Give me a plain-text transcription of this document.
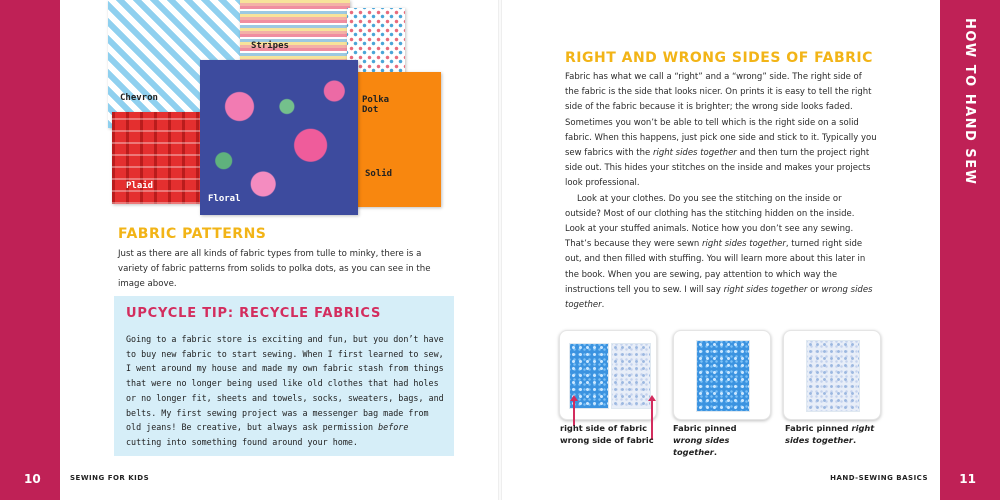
10	SEWING FOR KIDS
Chevron
Stripes
Polka Dot
Plaid
Floral
Solid
FABRIC PATTERNS
Just as there are all kinds of fabric types from tulle to minky, there is a variety of fabric patterns from solids to polka dots, as you can see in the image above.
UPCYCLE TIP: RECYCLE FABRICS
Going to a fabric store is exciting and fun, but you don’t have to buy new fabric to start sewing. When I first learned to sew, I went around my house and made my own fabric stash from things that were no longer being used like old clothes that had holes or no longer fit, sheets and towels, socks, sweaters, bags, and belts. My first sewing project was a messenger bag made from old jeans! Be creative, but always ask permission before cutting into something found around your home.
HOW TO HAND SEW
11
HAND-SEWING BASICS
RIGHT AND WRONG SIDES OF FABRIC

Fabric has what we call a “right” and a “wrong” side. The right side of the fabric is the side that looks nicer. On prints it is easy to tell the right side of the fabric because it is brighter; the wrong side looks faded. Sometimes you won’t be able to tell which is the right side on a solid fabric. When this happens, just pick one side and stick to it. Typically you sew fabrics with the right sides together and then turn the project right side out. This hides your stitches on the inside and makes your projects look professional.

Look at your clothes. Do you see the stitching on the inside or outside? Most of our clothing has the stitching hidden on the inside. Look at your stuffed animals. Notice how you don’t see any sewing. That’s because they were sewn right sides together, turned right side out, and then filled with stuffing. You will learn more about this later in the book. When you are sewing, pay attention to which way the instructions tell you to sew. I will say right sides together or wrong sides together.

right side of fabric
wrong side of fabric
Fabric pinned wrong sides together.
Fabric pinned right sides together.
